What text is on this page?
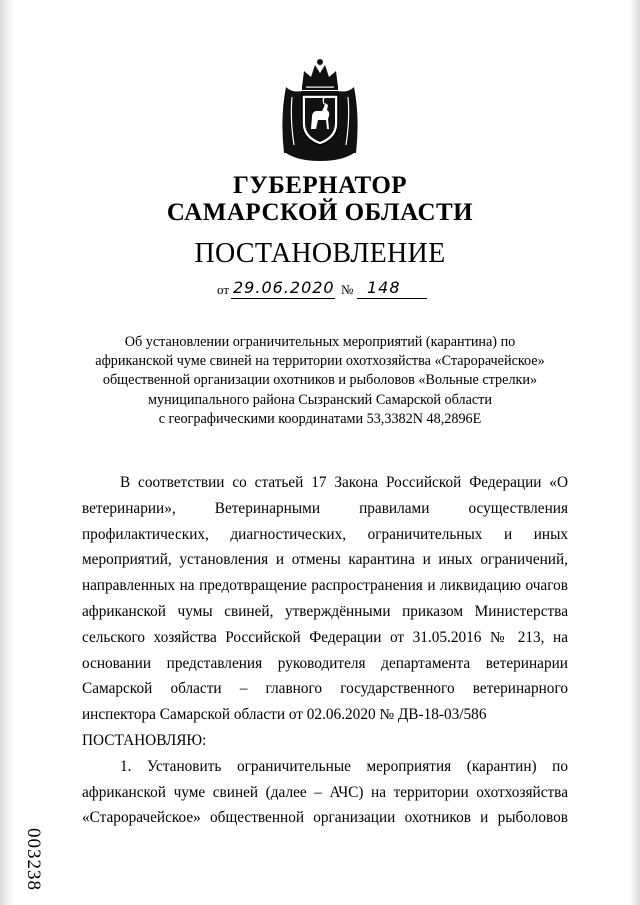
ГУБЕРНАТОР
САМАРСКОЙ ОБЛАСТИ
ПОСТАНОВЛЕНИЕ
от 29.06.2020 № 148
Об установлении ограничительных мероприятий (карантина) по
африканской чуме свиней на территории охотхозяйства «Старорачейское»
общественной организации охотников и рыболовов «Вольные стрелки»
муниципального района Сызранский Самарской области
с географическими координатами 53,3382N 48,2896E

В соответствии со статьей 17 Закона Российской Федерации «О ветеринарии», Ветеринарными правилами осуществления профилактических, диагностических, ограничительных и иных мероприятий, установления и отмены карантина и иных ограничений, направленных на предотвращение распространения и ликвидацию очагов африканской чумы свиней, утверждёнными приказом Министерства сельского хозяйства Российской Федерации от 31.05.2016 № 213, на основании представления руководителя департамента ветеринарии Самарской области – главного государственного ветеринарного инспектора Самарской области от 02.06.2020 № ДВ-18-03/586

ПОСТАНОВЛЯЮ:

1. Установить ограничительные мероприятия (карантин) по африканской чуме свиней (далее – АЧС) на территории охотхозяйства «Старорачейское» общественной организации охотников и рыболовов

003238
